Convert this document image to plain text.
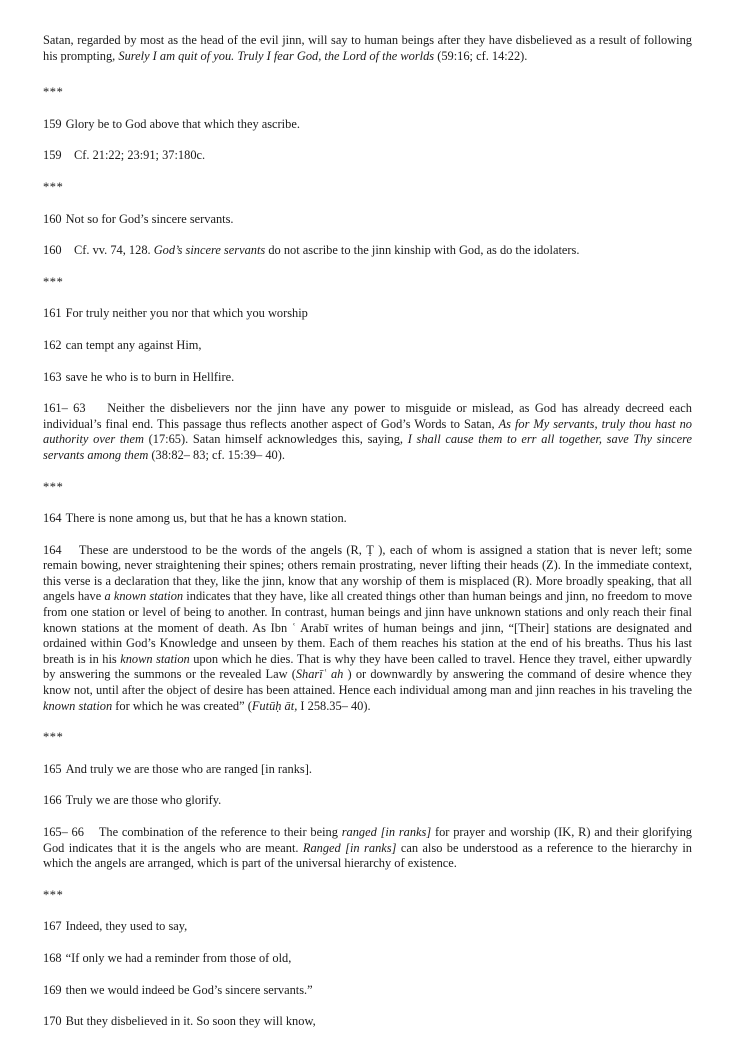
Satan, regarded by most as the head of the evil jinn, will say to human beings after they have disbelieved as a result of following his prompting, Surely I am quit of you. Truly I fear God, the Lord of the worlds (59:16; cf. 14:22).

***

159 Glory be to God above that which they ascribe.

159 Cf. 21:22; 23:91; 37:180c.

***

160 Not so for God’s sincere servants.

160 Cf. vv. 74, 128. God’s sincere servants do not ascribe to the jinn kinship with God, as do the idolaters.

***

161 For truly neither you nor that which you worship

162 can tempt any against Him,

163 save he who is to burn in Hellfire.

161– 63 Neither the disbelievers nor the jinn have any power to misguide or mislead, as God has already decreed each individual’s final end. This passage thus reflects another aspect of God’s Words to Satan, As for My servants, truly thou hast no authority over them (17:65). Satan himself acknowledges this, saying, I shall cause them to err all together, save Thy sincere servants among them (38:82– 83; cf. 15:39– 40).

***

164 There is none among us, but that he has a known station.

164 These are understood to be the words of the angels (R, Ṭ ), each of whom is assigned a station that is never left; some remain bowing, never straightening their spines; others remain prostrating, never lifting their heads (Z). In the immediate context, this verse is a declaration that they, like the jinn, know that any worship of them is misplaced (R). More broadly speaking, that all angels have a known station indicates that they have, like all created things other than human beings and jinn, no freedom to move from one station or level of being to another. In contrast, human beings and jinn have unknown stations and only reach their final known stations at the moment of death. As Ibn ʿ Arabī writes of human beings and jinn, “[Their] stations are designated and ordained within God’s Knowledge and unseen by them. Each of them reaches his station at the end of his breaths. Thus his last breath is in his known station upon which he dies. That is why they have been called to travel. Hence they travel, either upwardly by answering the summons or the revealed Law (Sharīʿ ah ) or downwardly by answering the command of desire whence they know not, until after the object of desire has been attained. Hence each individual among man and jinn reaches in his traveling the known station for which he was created” (Futūḥ āt, I 258.35– 40).

***

165 And truly we are those who are ranged [in ranks].

166 Truly we are those who glorify.

165– 66 The combination of the reference to their being ranged [in ranks] for prayer and worship (IK, R) and their glorifying God indicates that it is the angels who are meant. Ranged [in ranks] can also be understood as a reference to the hierarchy in which the angels are arranged, which is part of the universal hierarchy of existence.

***

167 Indeed, they used to say,

168 “If only we had a reminder from those of old,

169 then we would indeed be God’s sincere servants.”

170 But they disbelieved in it. So soon they will know,
